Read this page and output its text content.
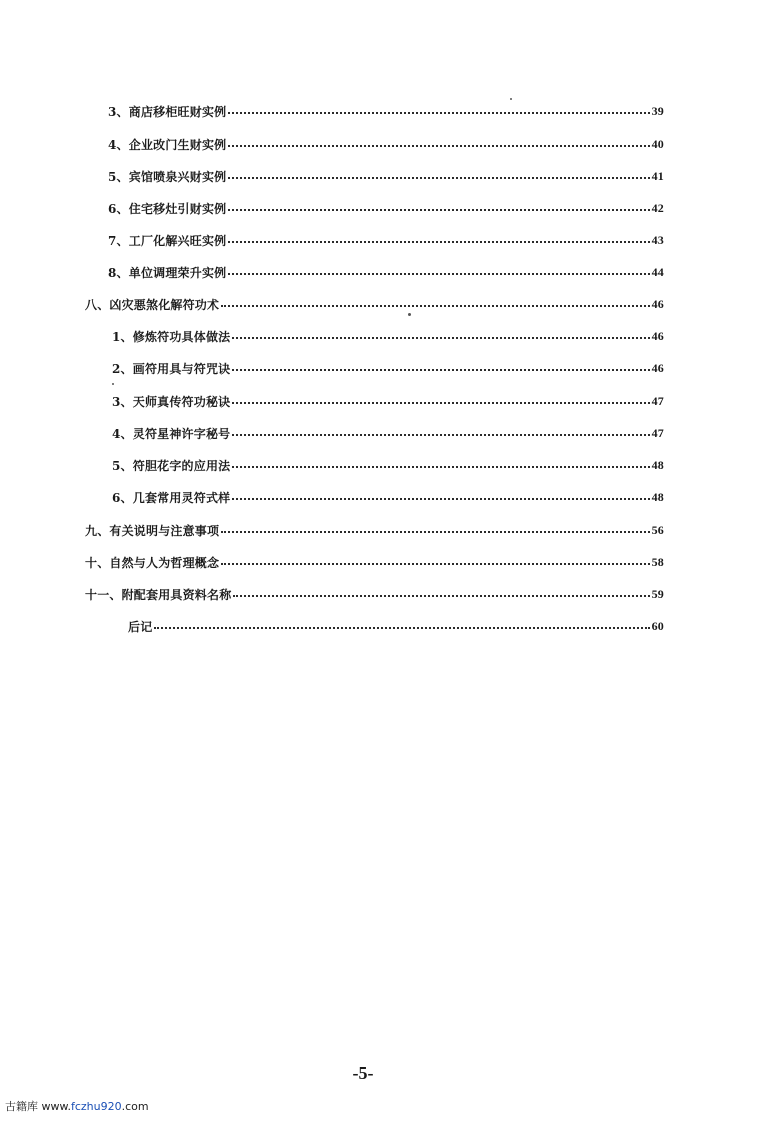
3、商店移柜旺财实例	39
4、企业改门生财实例	40
5、宾馆喷泉兴财实例	41
6、住宅移灶引财实例	42
7、工厂化解兴旺实例	43
8、单位调理荣升实例	44
八、凶灾悪煞化解符功术	46
1、修炼符功具体做法	46
2、画符用具与符咒诀	46
3、天师真传符功秘诀	47
4、灵符星神许字秘号	47
5、符胆花字的应用法	48
6、几套常用灵符式样	48
九、有关说明与注意事项	56
十、自然与人为哲理概念	58
十一、附配套用具资料名称	59
后记	60
-5-
古籍库 www.fczhu920.com
